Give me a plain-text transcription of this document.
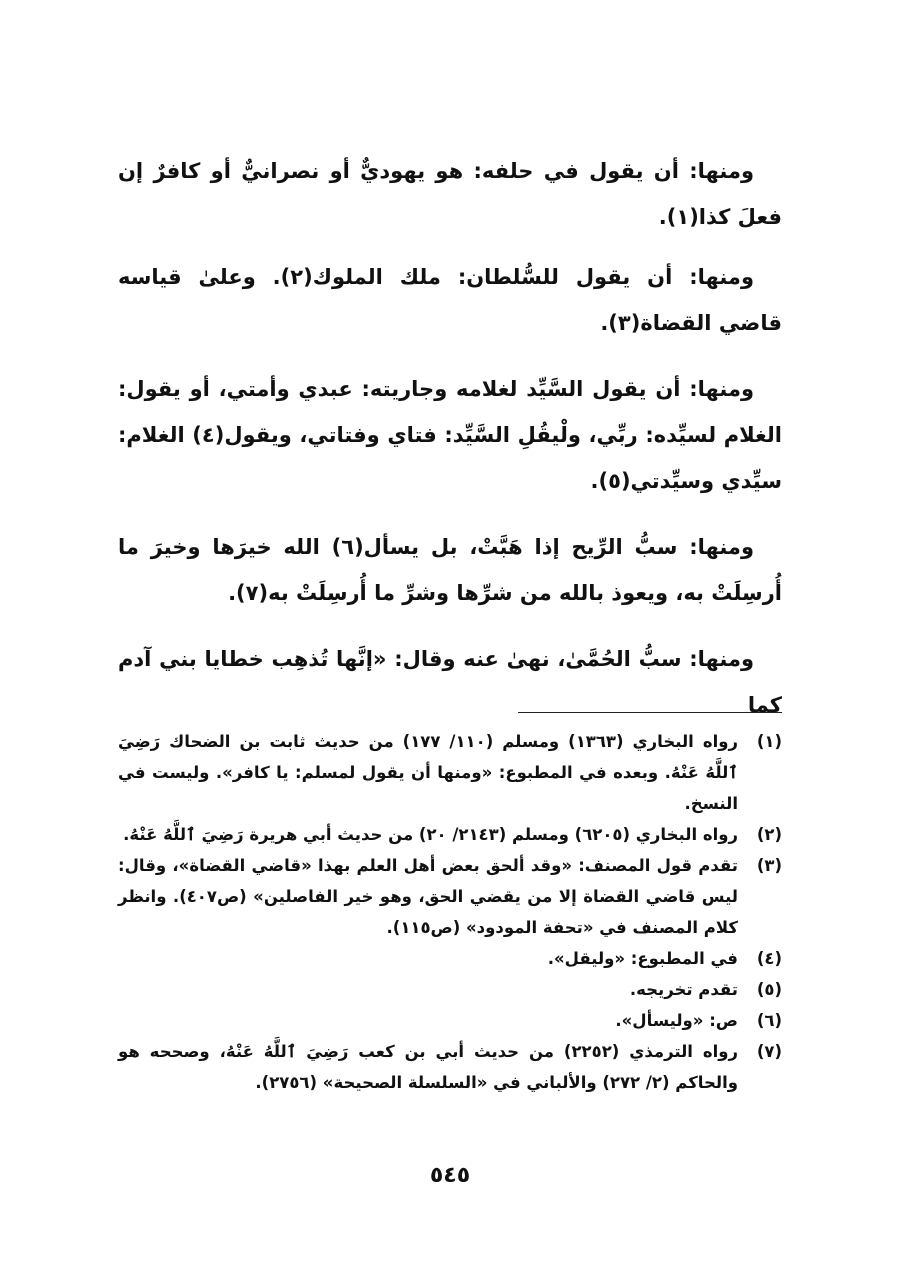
ومنها: أن يقول في حلفه: هو يهوديٌّ أو نصرانيٌّ أو كافرٌ إن فعلَ كذا(١).

ومنها: أن يقول للسُّلطان: ملك الملوك(٢). وعلىٰ قياسه قاضي القضاة(٣).

ومنها: أن يقول السَّيِّد لغلامه وجاريته: عبدي وأمتي، أو يقول: الغلام لسيِّده: ربِّي، ولْيقُلِ السَّيِّد: فتاي وفتاتي، ويقول(٤) الغلام: سيِّدي وسيِّدتي(٥).

ومنها: سبُّ الرِّيح إذا هَبَّتْ، بل يسأل(٦) الله خيرَها وخيرَ ما أُرسِلَتْ به، ويعوذ بالله من شرِّها وشرِّ ما أُرسِلَتْ به(٧).

ومنها: سبُّ الحُمَّىٰ، نهىٰ عنه وقال: «إنَّها تُذهِب خطايا بني آدم كما

(١)
رواه البخاري (١٣٦٣) ومسلم (١١٠/ ١٧٧) من حديث ثابت بن الضحاك رَضِيَ ٱللَّهُ عَنْهُ. وبعده في المطبوع: «ومنها أن يقول لمسلم: يا كافر». وليست في النسخ.
(٢)
رواه البخاري (٦٢٠٥) ومسلم (٢١٤٣/ ٢٠) من حديث أبي هريرة رَضِيَ ٱللَّهُ عَنْهُ.
(٣)
تقدم قول المصنف: «وقد ألحق بعض أهل العلم بهذا «قاضي القضاة»، وقال: ليس قاضي القضاة إلا من يقضي الحق، وهو خير الفاصلين» (ص٤٠٧). وانظر كلام المصنف في «تحفة المودود» (ص١١٥).
(٤)
في المطبوع: «وليقل».
(٥)
تقدم تخريجه.
(٦)
ص: «وليسأل».
(٧)
رواه الترمذي (٢٢٥٢) من حديث أبي بن كعب رَضِيَ ٱللَّهُ عَنْهُ، وصححه هو والحاكم (٢/ ٢٧٢) والألباني في «السلسلة الصحيحة» (٢٧٥٦).
٥٤٥
